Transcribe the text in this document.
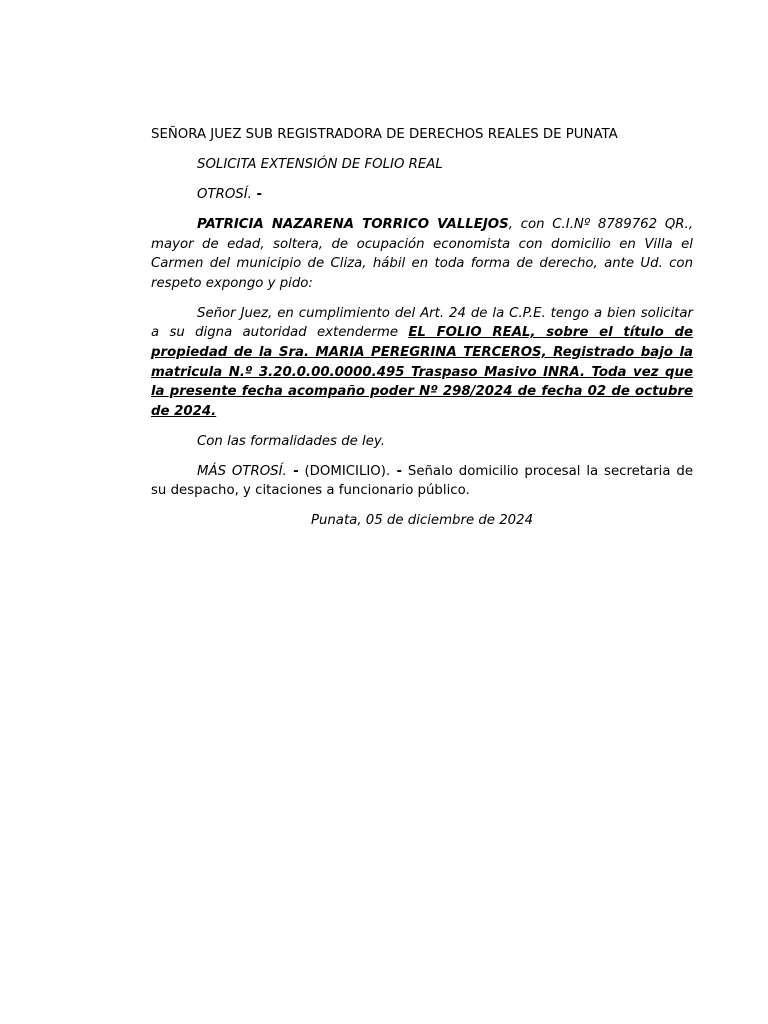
SEÑORA JUEZ SUB REGISTRADORA DE DERECHOS REALES DE PUNATA

SOLICITA EXTENSIÓN DE FOLIO REAL

OTROSÍ. -

PATRICIA NAZARENA TORRICO VALLEJOS, con C.I.Nº 8789762 QR., mayor de edad, soltera, de ocupación economista con domicilio en Villa el Carmen del municipio de Cliza, hábil en toda forma de derecho, ante Ud. con respeto expongo y pido:

Señor Juez, en cumplimiento del Art. 24 de la C.P.E. tengo a bien solicitar a su digna autoridad extenderme EL FOLIO REAL, sobre el título de propiedad de la Sra. MARIA PEREGRINA TERCEROS, Registrado bajo la matricula N.º 3.20.0.00.0000.495 Traspaso Masivo INRA. Toda vez que la presente fecha acompaño poder Nº 298/2024 de fecha 02 de octubre de 2024.

Con las formalidades de ley.

MÁS OTROSÍ. - (DOMICILIO). - Señalo domicilio procesal la secretaria de su despacho, y citaciones a funcionario público.

Punata, 05 de diciembre de 2024
